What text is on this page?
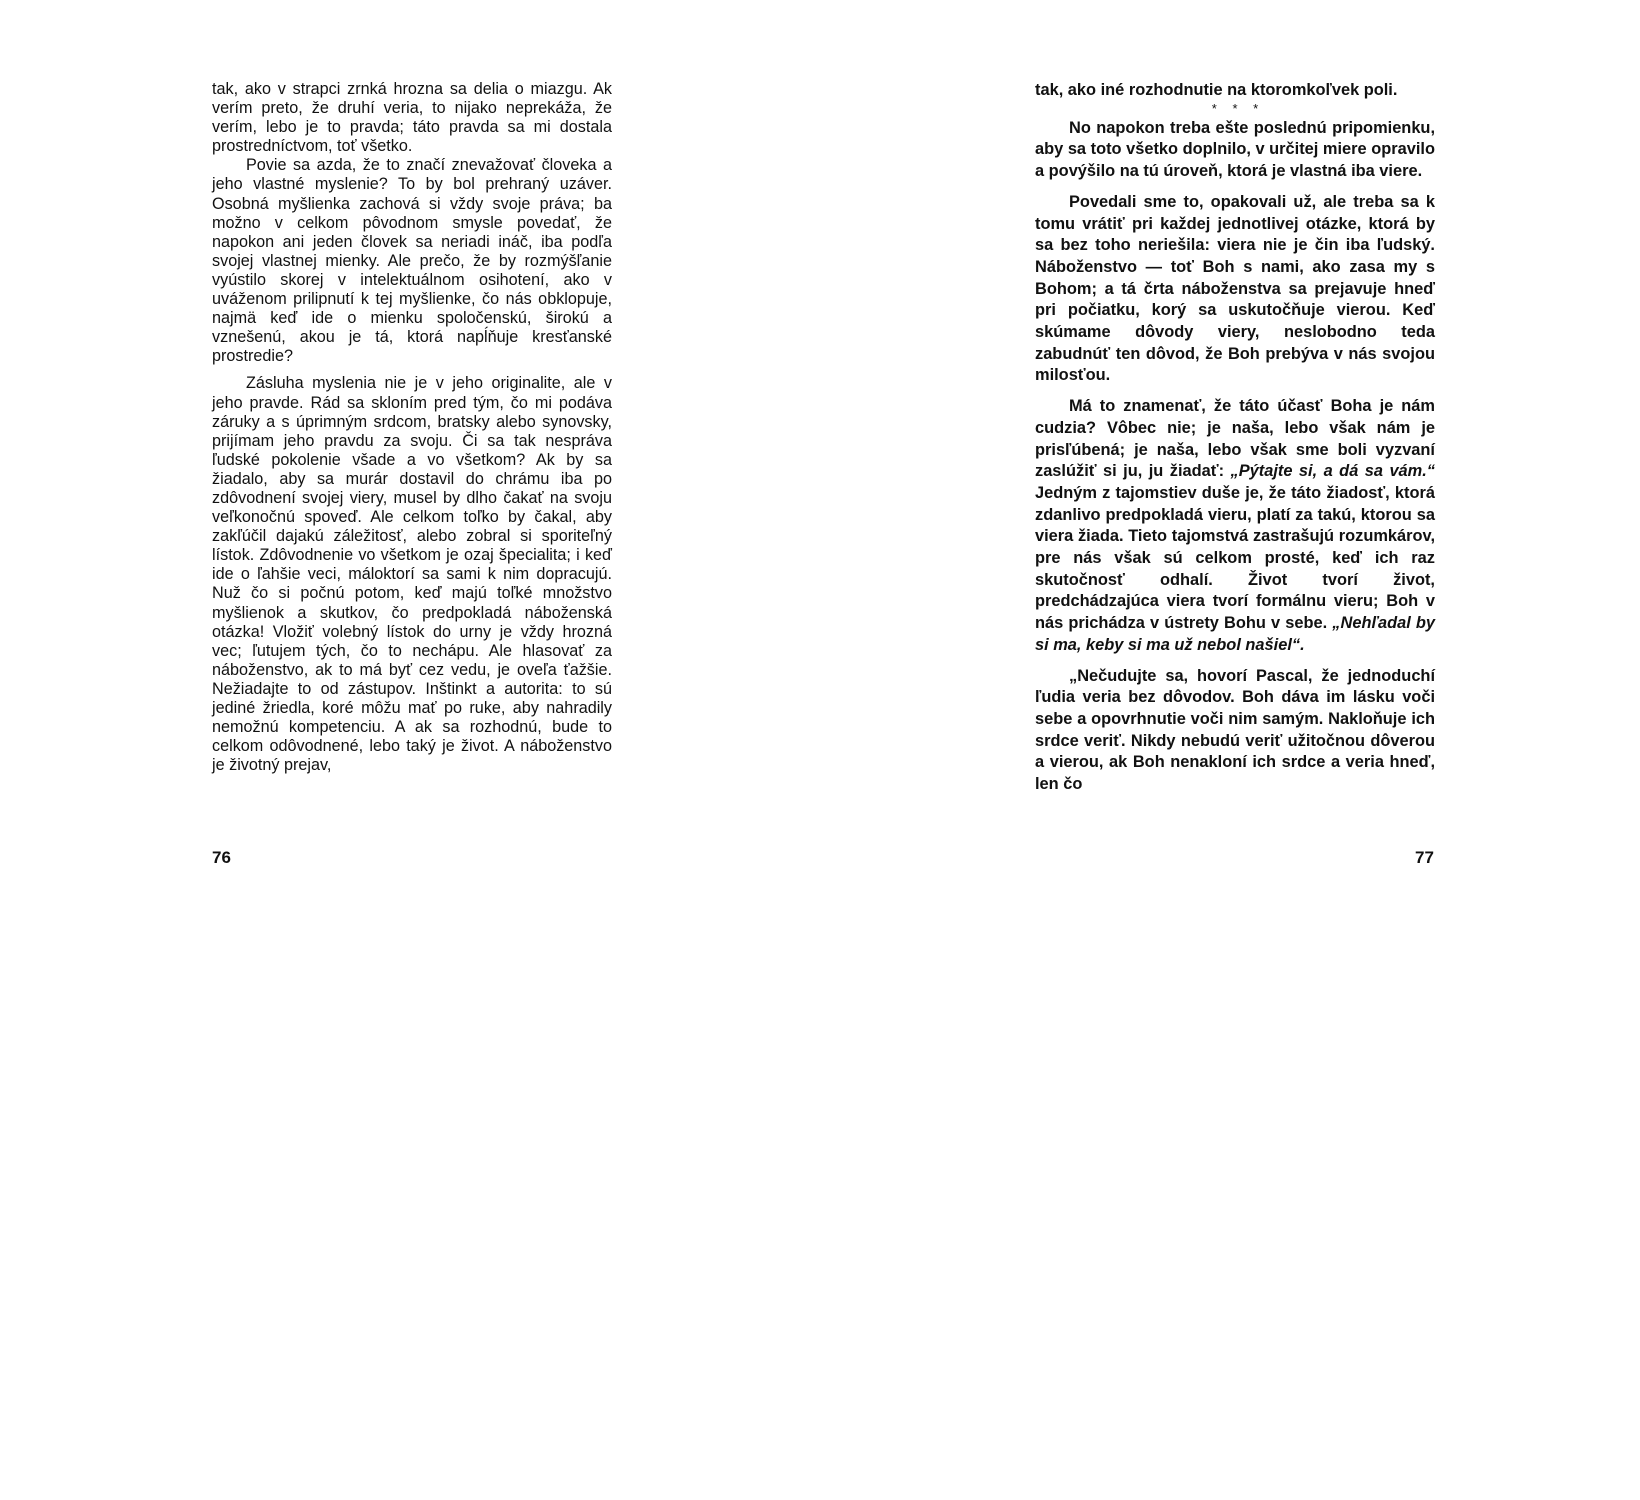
tak, ako v strapci zrnká hrozna sa delia o miazgu. Ak verím preto, že druhí veria, to nijako neprekáža, že verím, lebo je to pravda; táto pravda sa mi dostala prostredníctvom, toť všetko.

Povie sa azda, že to značí znevažovať človeka a jeho vlastné myslenie? To by bol prehraný uzáver. Osobná myšlienka zachová si vždy svoje práva; ba možno v celkom pôvodnom smysle povedať, že napokon ani jeden človek sa neriadi ináč, iba podľa svojej vlastnej mienky. Ale prečo, že by rozmýšľanie vyústilo skorej v intelektuálnom osihotení, ako v uváženom prilipnutí k tej myšlienke, čo nás obklopuje, najmä keď ide o mienku spoločenskú, širokú a vznešenú, akou je tá, ktorá napĺňuje kresťanské prostredie?

Zásluha myslenia nie je v jeho originalite, ale v jeho pravde. Rád sa skloním pred tým, čo mi podáva záruky a s úprimným srdcom, bratsky alebo synovsky, prijímam jeho pravdu za svoju. Či sa tak nespráva ľudské pokolenie všade a vo všetkom? Ak by sa žiadalo, aby sa murár dostavil do chrámu iba po zdôvodnení svojej viery, musel by dlho čakať na svoju veľkonočnú spoveď. Ale celkom toľko by čakal, aby zakľúčil dajakú záležitosť, alebo zobral si sporiteľný lístok. Zdôvodnenie vo všetkom je ozaj špecialita; i keď ide o ľahšie veci, máloktorí sa sami k nim dopracujú. Nuž čo si počnú potom, keď majú toľké množstvo myšlienok a skutkov, čo predpokladá náboženská otázka! Vložiť volebný lístok do urny je vždy hrozná vec; ľutujem tých, čo to nechápu. Ale hlasovať za náboženstvo, ak to má byť cez vedu, je oveľa ťažšie. Nežiadajte to od zástupov. Inštinkt a autorita: to sú jediné žriedla, koré môžu mať po ruke, aby nahradily nemožnú kompetenciu. A ak sa rozhodnú, bude to celkom odôvodnené, lebo taký je život. A náboženstvo je životný prejav,

76

tak, ako iné rozhodnutie na ktoromkoľvek poli.

* * *

No napokon treba ešte poslednú pripomienku, aby sa toto všetko doplnilo, v určitej miere opravilo a povýšilo na tú úroveň, ktorá je vlastná iba viere.

Povedali sme to, opakovali už, ale treba sa k tomu vrátiť pri každej jednotlivej otázke, ktorá by sa bez toho neriešila: viera nie je čin iba ľudský. Náboženstvo — toť Boh s nami, ako zasa my s Bohom; a tá črta náboženstva sa prejavuje hneď pri počiatku, korý sa uskutočňuje vierou. Keď skúmame dôvody viery, neslobodno teda zabudnúť ten dôvod, že Boh prebýva v nás svojou milosťou.

Má to znamenať, že táto účasť Boha je nám cudzia? Vôbec nie; je naša, lebo však nám je prisľúbená; je naša, lebo však sme boli vyzvaní zaslúžiť si ju, ju žiadať: „Pýtajte si, a dá sa vám.“ Jedným z tajomstiev duše je, že táto žiadosť, ktorá zdanlivo predpokladá vieru, platí za takú, ktorou sa viera žiada. Tieto tajomstvá zastrašujú rozumkárov, pre nás však sú celkom prosté, keď ich raz skutočnosť odhalí. Život tvorí život, predchádzajúca viera tvorí formálnu vieru; Boh v nás prichádza v ústrety Bohu v sebe. „Nehľadal by si ma, keby si ma už nebol našiel“.

„Nečudujte sa, hovorí Pascal, že jednoduchí ľudia veria bez dôvodov. Boh dáva im lásku voči sebe a opovrhnutie voči nim samým. Nakloňuje ich srdce veriť. Nikdy nebudú veriť užitočnou dôverou a vierou, ak Boh nenakloní ich srdce a veria hneď, len čo

77
